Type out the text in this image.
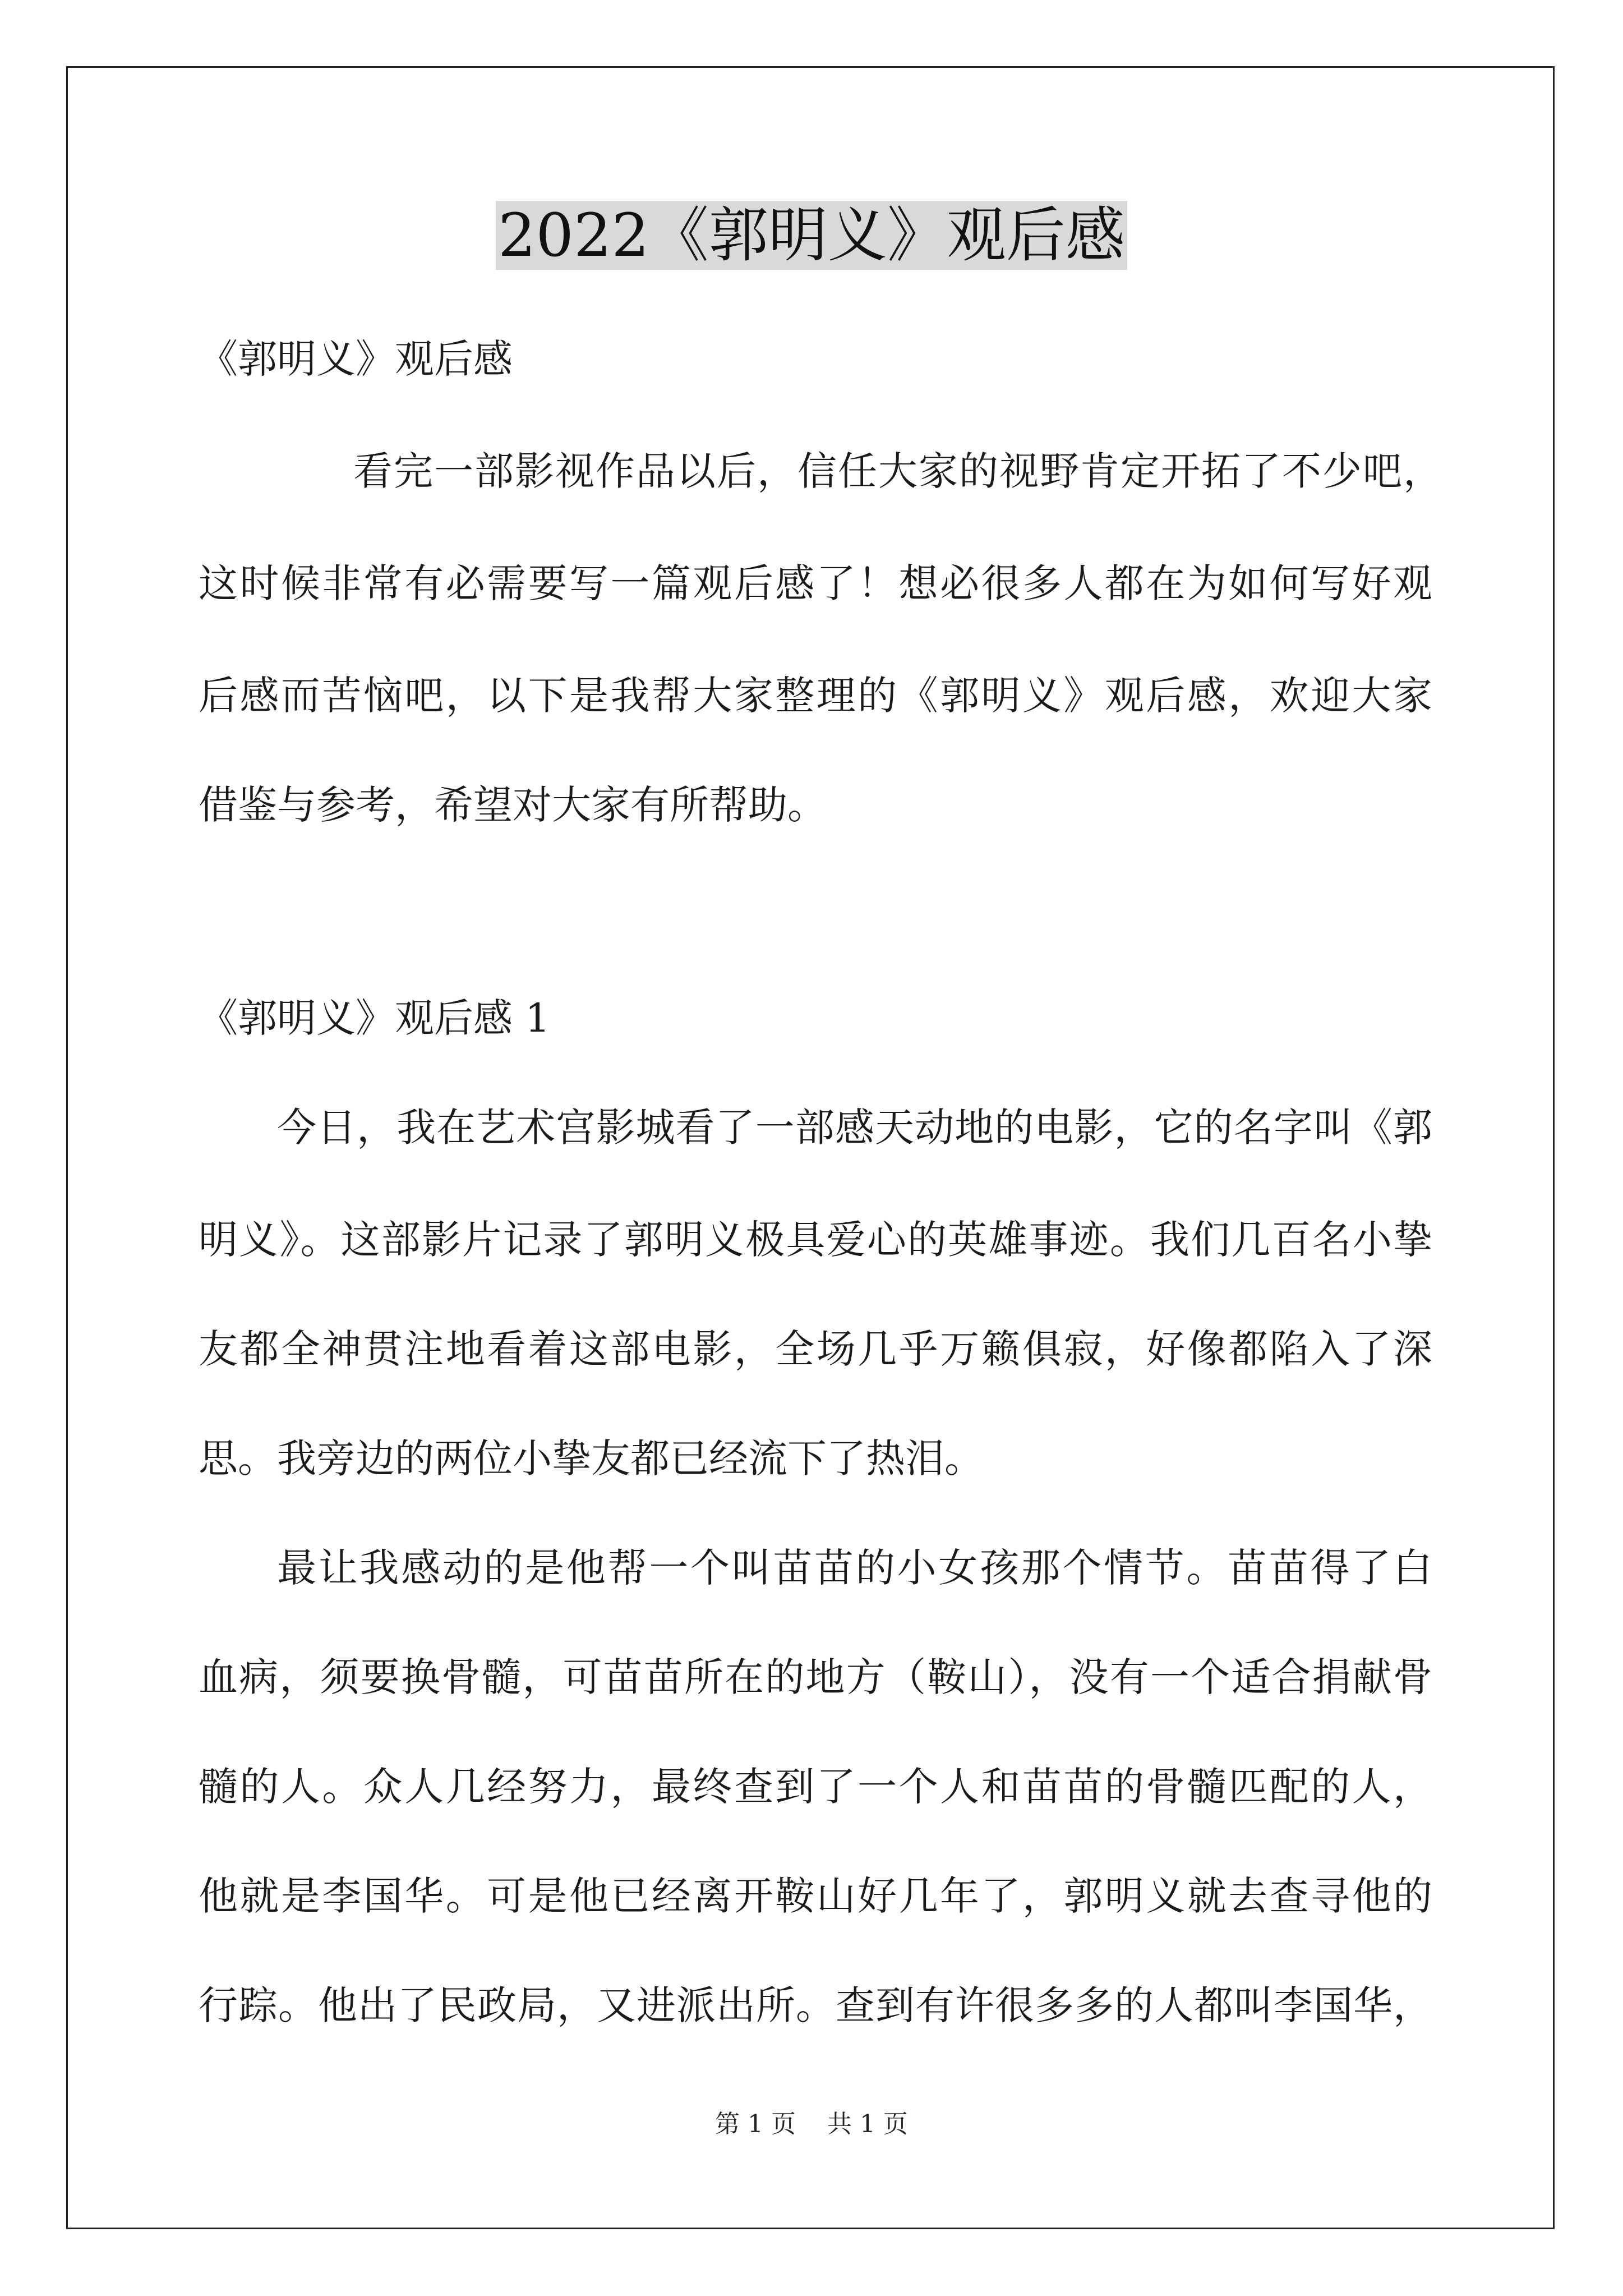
2022《郭明义》观后感
《郭明义》观后感
看完一部影视作品以后，信任大家的视野肯定开拓了不少吧，
这时候非常有必需要写一篇观后感了！想必很多人都在为如何写好观
后感而苦恼吧，以下是我帮大家整理的《郭明义》观后感，欢迎大家
借鉴与参考，希望对大家有所帮助。
《郭明义》观后感 1
今日，我在艺术宫影城看了一部感天动地的电影，它的名字叫《郭
明义》。这部影片记录了郭明义极具爱心的英雄事迹。我们几百名小挚
友都全神贯注地看着这部电影，全场几乎万籁俱寂，好像都陷入了深
思。我旁边的两位小挚友都已经流下了热泪。
最让我感动的是他帮一个叫苗苗的小女孩那个情节。苗苗得了白
血病，须要换骨髓，可苗苗所在的地方（鞍山），没有一个适合捐献骨
髓的人。众人几经努力，最终查到了一个人和苗苗的骨髓匹配的人，
他就是李国华。可是他已经离开鞍山好几年了，郭明义就去查寻他的
行踪。他出了民政局，又进派出所。查到有许很多多的人都叫李国华，
第 1 页 共 1 页
